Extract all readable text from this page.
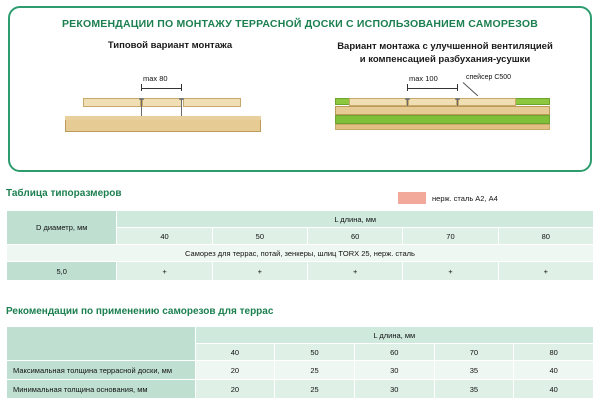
РЕКОМЕНДАЦИИ ПО МОНТАЖУ ТЕРРАСНОЙ ДОСКИ С ИСПОЛЬЗОВАНИЕМ САМОРЕЗОВ
Типовой вариант монтажа	Вариант монтажа с улучшенной вентиляцией
и компенсацией разбухания-усушки
max 80	max 100	спейсер C500
Таблица типоразмеров	нерж. сталь А2, А4
D диаметр, мм	L длина, мм				
	40	50	60	70	80
Саморез для террас, потай, зенкеры, шлиц TORX 25, нерж. сталь					
5,0	+	+	+	+	+
Рекомендации по применению саморезов для террас
	L длина, мм				
	40	50	60	70	80
Максимальная толщина террасной доски, мм	20	25	30	35	40
Минимальная толщина основания, мм	20	25	30	35	40
